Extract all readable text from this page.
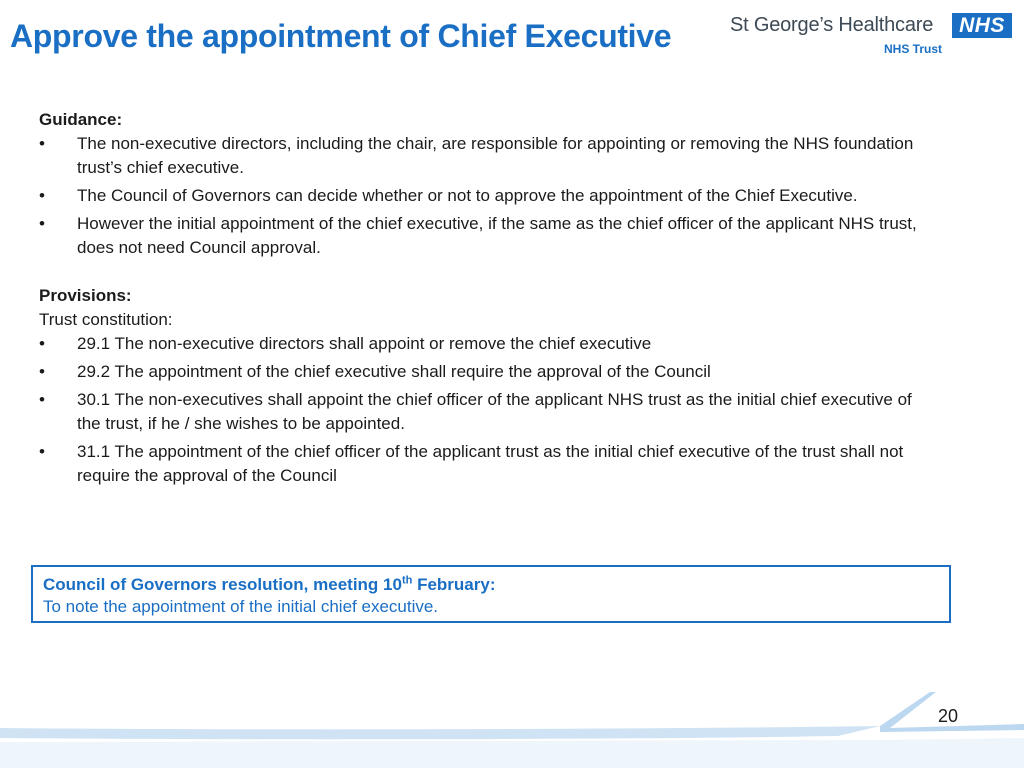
Approve the appointment of Chief Executive	St George’s Healthcare	NHS
NHS Trust

Guidance:

• The non-executive directors, including the chair, are responsible for appointing or removing the NHS foundation trust’s chief executive.
• The Council of Governors can decide whether or not to approve the appointment of the Chief Executive.
• However the initial appointment of the chief executive, if the same as the chief officer of the applicant NHS trust, does not need Council approval.

Provisions:

Trust constitution:

• 29.1 The non-executive directors shall appoint or remove the chief executive
• 29.2 The appointment of the chief executive shall require the approval of the Council
• 30.1 The non-executives shall appoint the chief officer of the applicant NHS trust as the initial chief executive of the trust, if he / she wishes to be appointed.
• 31.1 The appointment of the chief officer of the applicant trust as the initial chief executive of the trust shall not require the approval of the Council
Council of Governors resolution, meeting 10th February:
To note the appointment of the initial chief executive.
20
